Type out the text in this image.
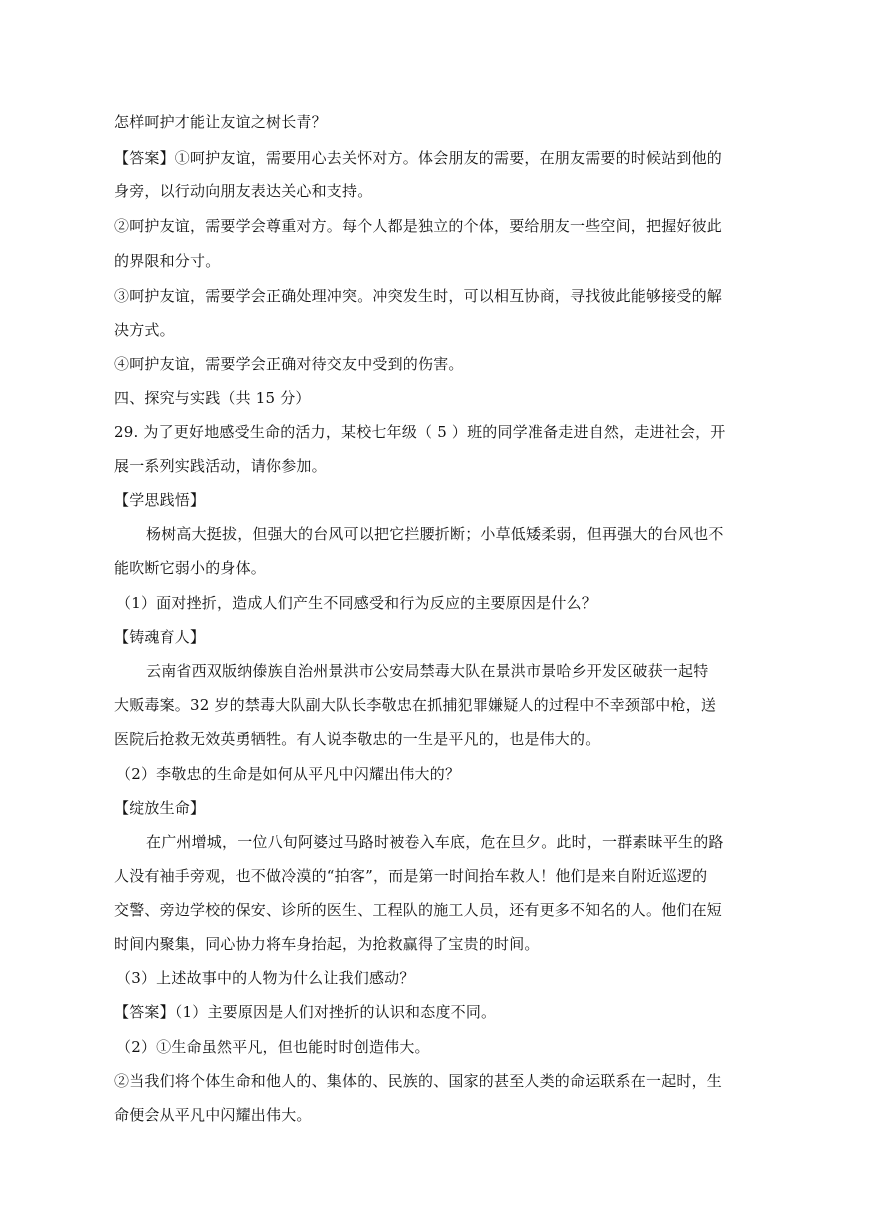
怎样呵护才能让友谊之树长青？
【答案】①呵护友谊，需要用心去关怀对方。体会朋友的需要，在朋友需要的时候站到他的
身旁，以行动向朋友表达关心和支持。
②呵护友谊，需要学会尊重对方。每个人都是独立的个体，要给朋友一些空间，把握好彼此
的界限和分寸。
③呵护友谊，需要学会正确处理冲突。冲突发生时，可以相互协商，寻找彼此能够接受的解
决方式。
④呵护友谊，需要学会正确对待交友中受到的伤害。
四、探究与实践（共 15 分）
29. 为了更好地感受生命的活力，某校七年级（ 5 ）班的同学准备走进自然，走进社会，开
展一系列实践活动，请你参加。
【学思践悟】
杨树高大挺拔，但强大的台风可以把它拦腰折断；小草低矮柔弱，但再强大的台风也不
能吹断它弱小的身体。
（1）面对挫折，造成人们产生不同感受和行为反应的主要原因是什么？
【铸魂育人】
云南省西双版纳傣族自治州景洪市公安局禁毒大队在景洪市景哈乡开发区破获一起特
大贩毒案。32 岁的禁毒大队副大队长李敬忠在抓捕犯罪嫌疑人的过程中不幸颈部中枪，送
医院后抢救无效英勇牺牲。有人说李敬忠的一生是平凡的，也是伟大的。
（2）李敬忠的生命是如何从平凡中闪耀出伟大的？
【绽放生命】
在广州增城，一位八旬阿婆过马路时被卷入车底，危在旦夕。此时，一群素昧平生的路
人没有袖手旁观，也不做冷漠的“拍客”，而是第一时间抬车救人！他们是来自附近巡逻的
交警、旁边学校的保安、诊所的医生、工程队的施工人员，还有更多不知名的人。他们在短
时间内聚集，同心协力将车身抬起，为抢救赢得了宝贵的时间。
（3）上述故事中的人物为什么让我们感动？
【答案】（1）主要原因是人们对挫折的认识和态度不同。
（2）①生命虽然平凡，但也能时时创造伟大。
②当我们将个体生命和他人的、集体的、民族的、国家的甚至人类的命运联系在一起时，生
命便会从平凡中闪耀出伟大。
